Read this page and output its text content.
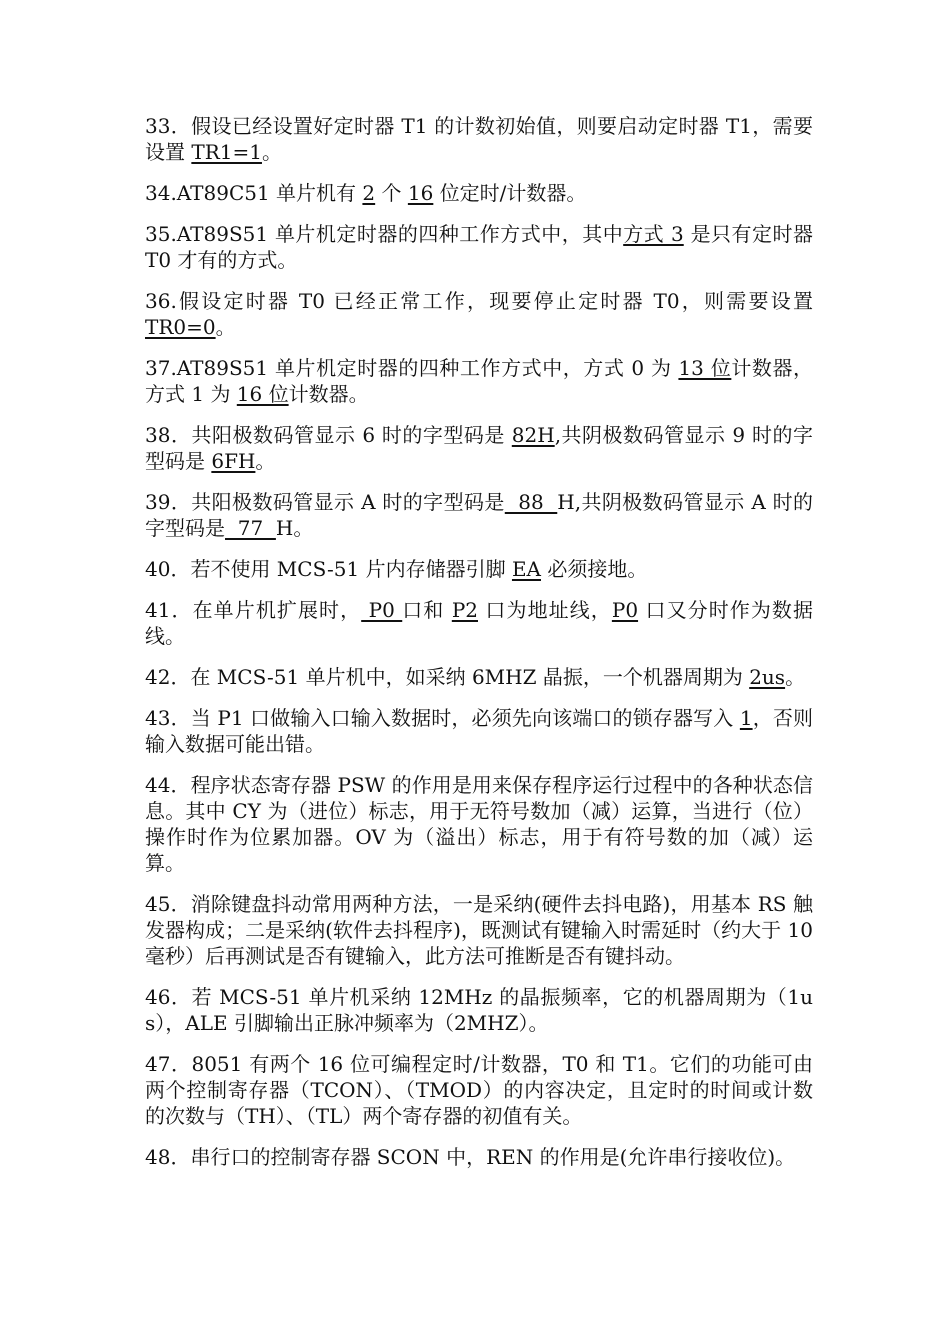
33．假设已经设置好定时器 T1 的计数初始值，则要启动定时器 T1，需要设置 TR1=1。

34.AT89C51 单片机有 2 个 16 位定时/计数器。

35.AT89S51 单片机定时器的四种工作方式中，其中方式 3 是只有定时器 T0 才有的方式。

36.假设定时器 T0 已经正常工作，现要停止定时器 T0，则需要设置 TR0=0。

37.AT89S51 单片机定时器的四种工作方式中，方式 0 为 13 位计数器，方式 1 为 16 位计数器。

38．共阳极数码管显示 6 时的字型码是 82H,共阴极数码管显示 9 时的字型码是 6FH。

39．共阳极数码管显示 A 时的字型码是  88  H,共阴极数码管显示 A 时的字型码是  77  H。

40．若不使用 MCS-51 片内存储器引脚 EA 必须接地。

41．在单片机扩展时， P0 口和 P2 口为地址线，P0 口又分时作为数据线。

42．在 MCS-51 单片机中，如采纳 6MHZ 晶振，一个机器周期为 2us。

43．当 P1 口做输入口输入数据时，必须先向该端口的锁存器写入 1，否则输入数据可能出错。

44．程序状态寄存器 PSW 的作用是用来保存程序运行过程中的各种状态信息。其中 CY 为（进位）标志，用于无符号数加（减）运算，当进行（位）操作时作为位累加器。OV 为（溢出）标志，用于有符号数的加（减）运算。

45．消除键盘抖动常用两种方法，一是采纳(硬件去抖电路)，用基本 RS 触发器构成；二是采纳(软件去抖程序)，既测试有键输入时需延时（约大于 10 毫秒）后再测试是否有键输入，此方法可推断是否有键抖动。

46．若 MCS-51 单片机采纳 12MHz 的晶振频率，它的机器周期为（1us），ALE 引脚输出正脉冲频率为（2MHZ）。

47．8051 有两个 16 位可编程定时/计数器，T0 和 T1。它们的功能可由两个控制寄存器（TCON）、（TMOD）的内容决定，且定时的时间或计数的次数与（TH）、（TL）两个寄存器的初值有关。

48．串行口的控制寄存器 SCON 中，REN 的作用是(允许串行接收位)。
